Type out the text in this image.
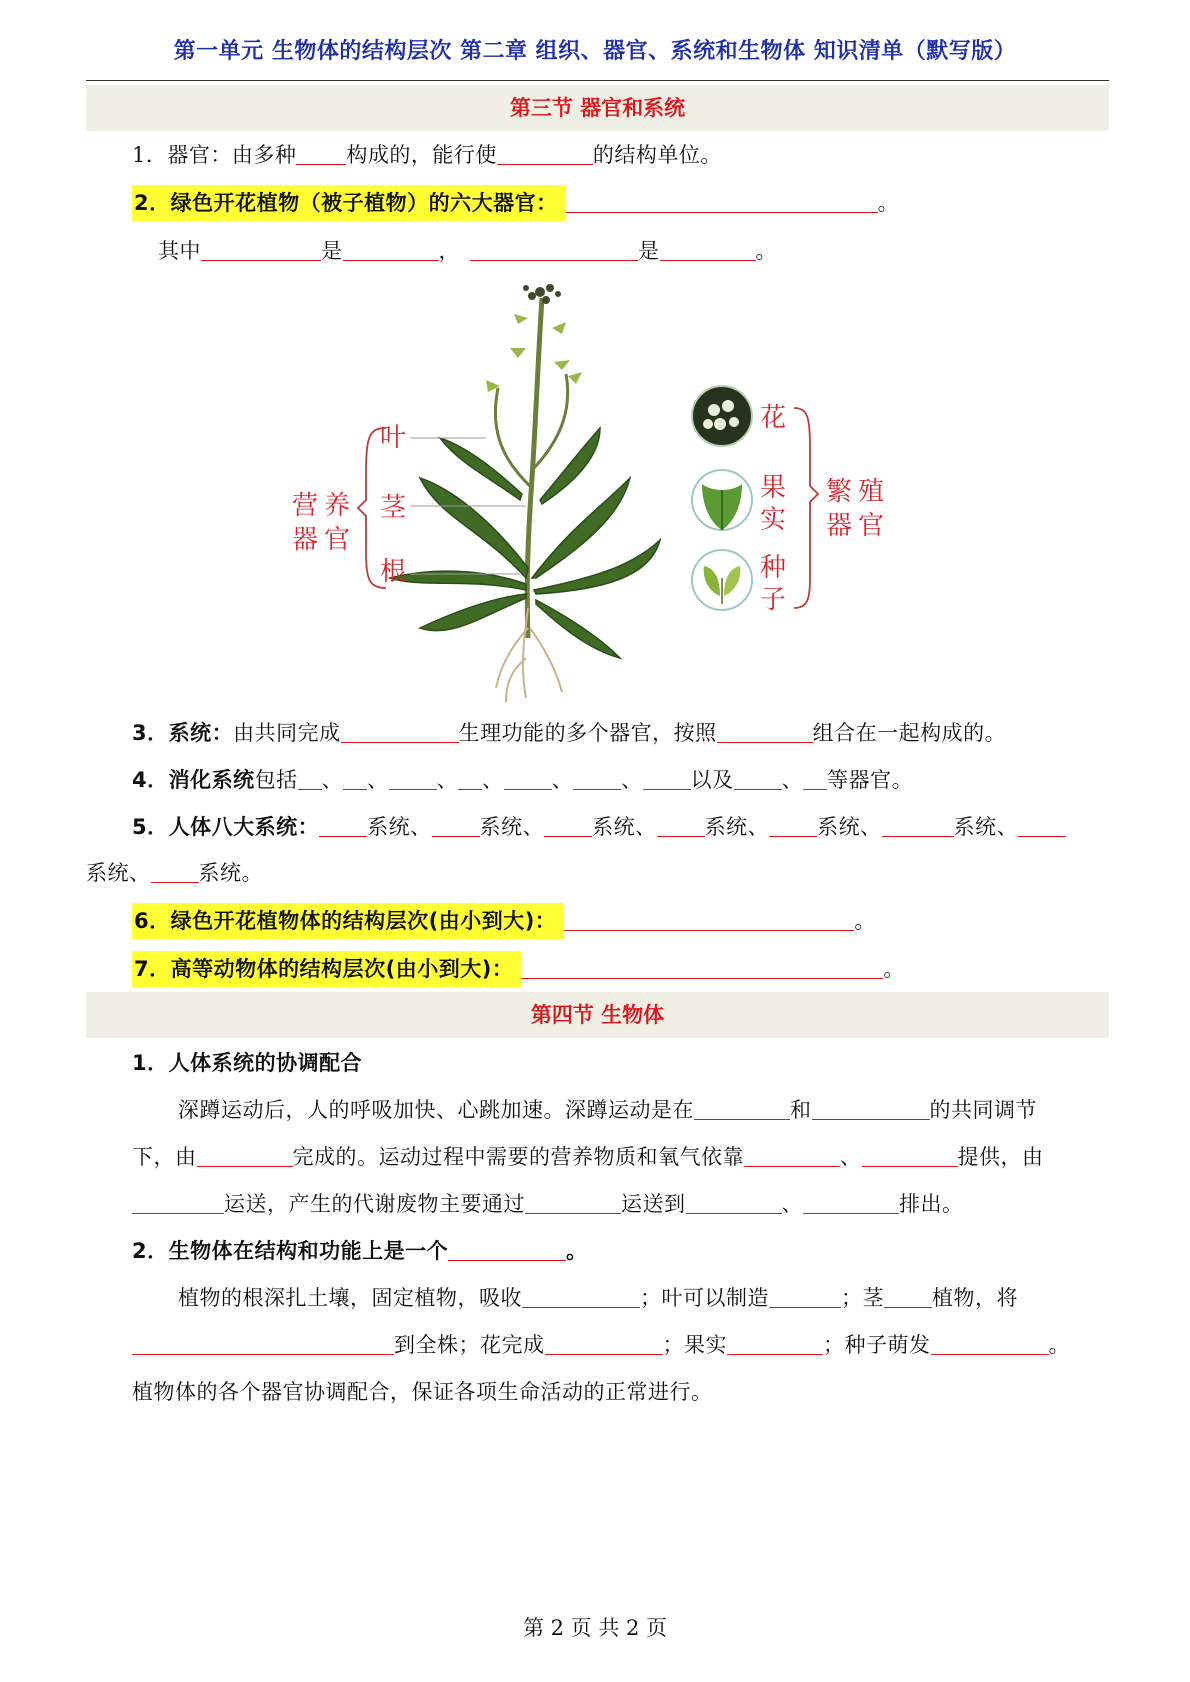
第一单元 生物体的结构层次 第二章 组织、器官、系统和生物体 知识清单（默写版）
第三节 器官和系统
1．器官：由多种 构成的，能行使	的结构单位。
2．绿色开花植物（被子植物）的六大器官：	。
其中	是	，	是	。
叶
茎
根
营养
器官
花
果
实
种
子
繁殖
器官
3．系统：由共同完成	生理功能的多个器官，按照	组合在一起构成的。
4．消化系统包括 、 、 、 、 、 、 以及 、 等器官。
5．人体八大系统： 系统、 系统、 系统、 系统、 系统、	系统、
系统、 系统。
6．绿色开花植物体的结构层次(由小到大)：	。
7．高等动物体的结构层次(由小到大)：	。
第四节 生物体
1．人体系统的协调配合
深蹲运动后，人的呼吸加快、心跳加速。深蹲运动是在	和	的共同调节
下，由	完成的。运动过程中需要的营养物质和氧气依靠	、	提供，由
运送，产生的代谢废物主要通过	运送到	、	排出。
2．生物体在结构和功能上是一个	。
植物的根深扎土壤，固定植物，吸收	；叶可以制造	；茎 植物，将
到全株；花完成	；果实	；种子萌发	。
植物体的各个器官协调配合，保证各项生命活动的正常进行。
第 2 页 共 2 页
